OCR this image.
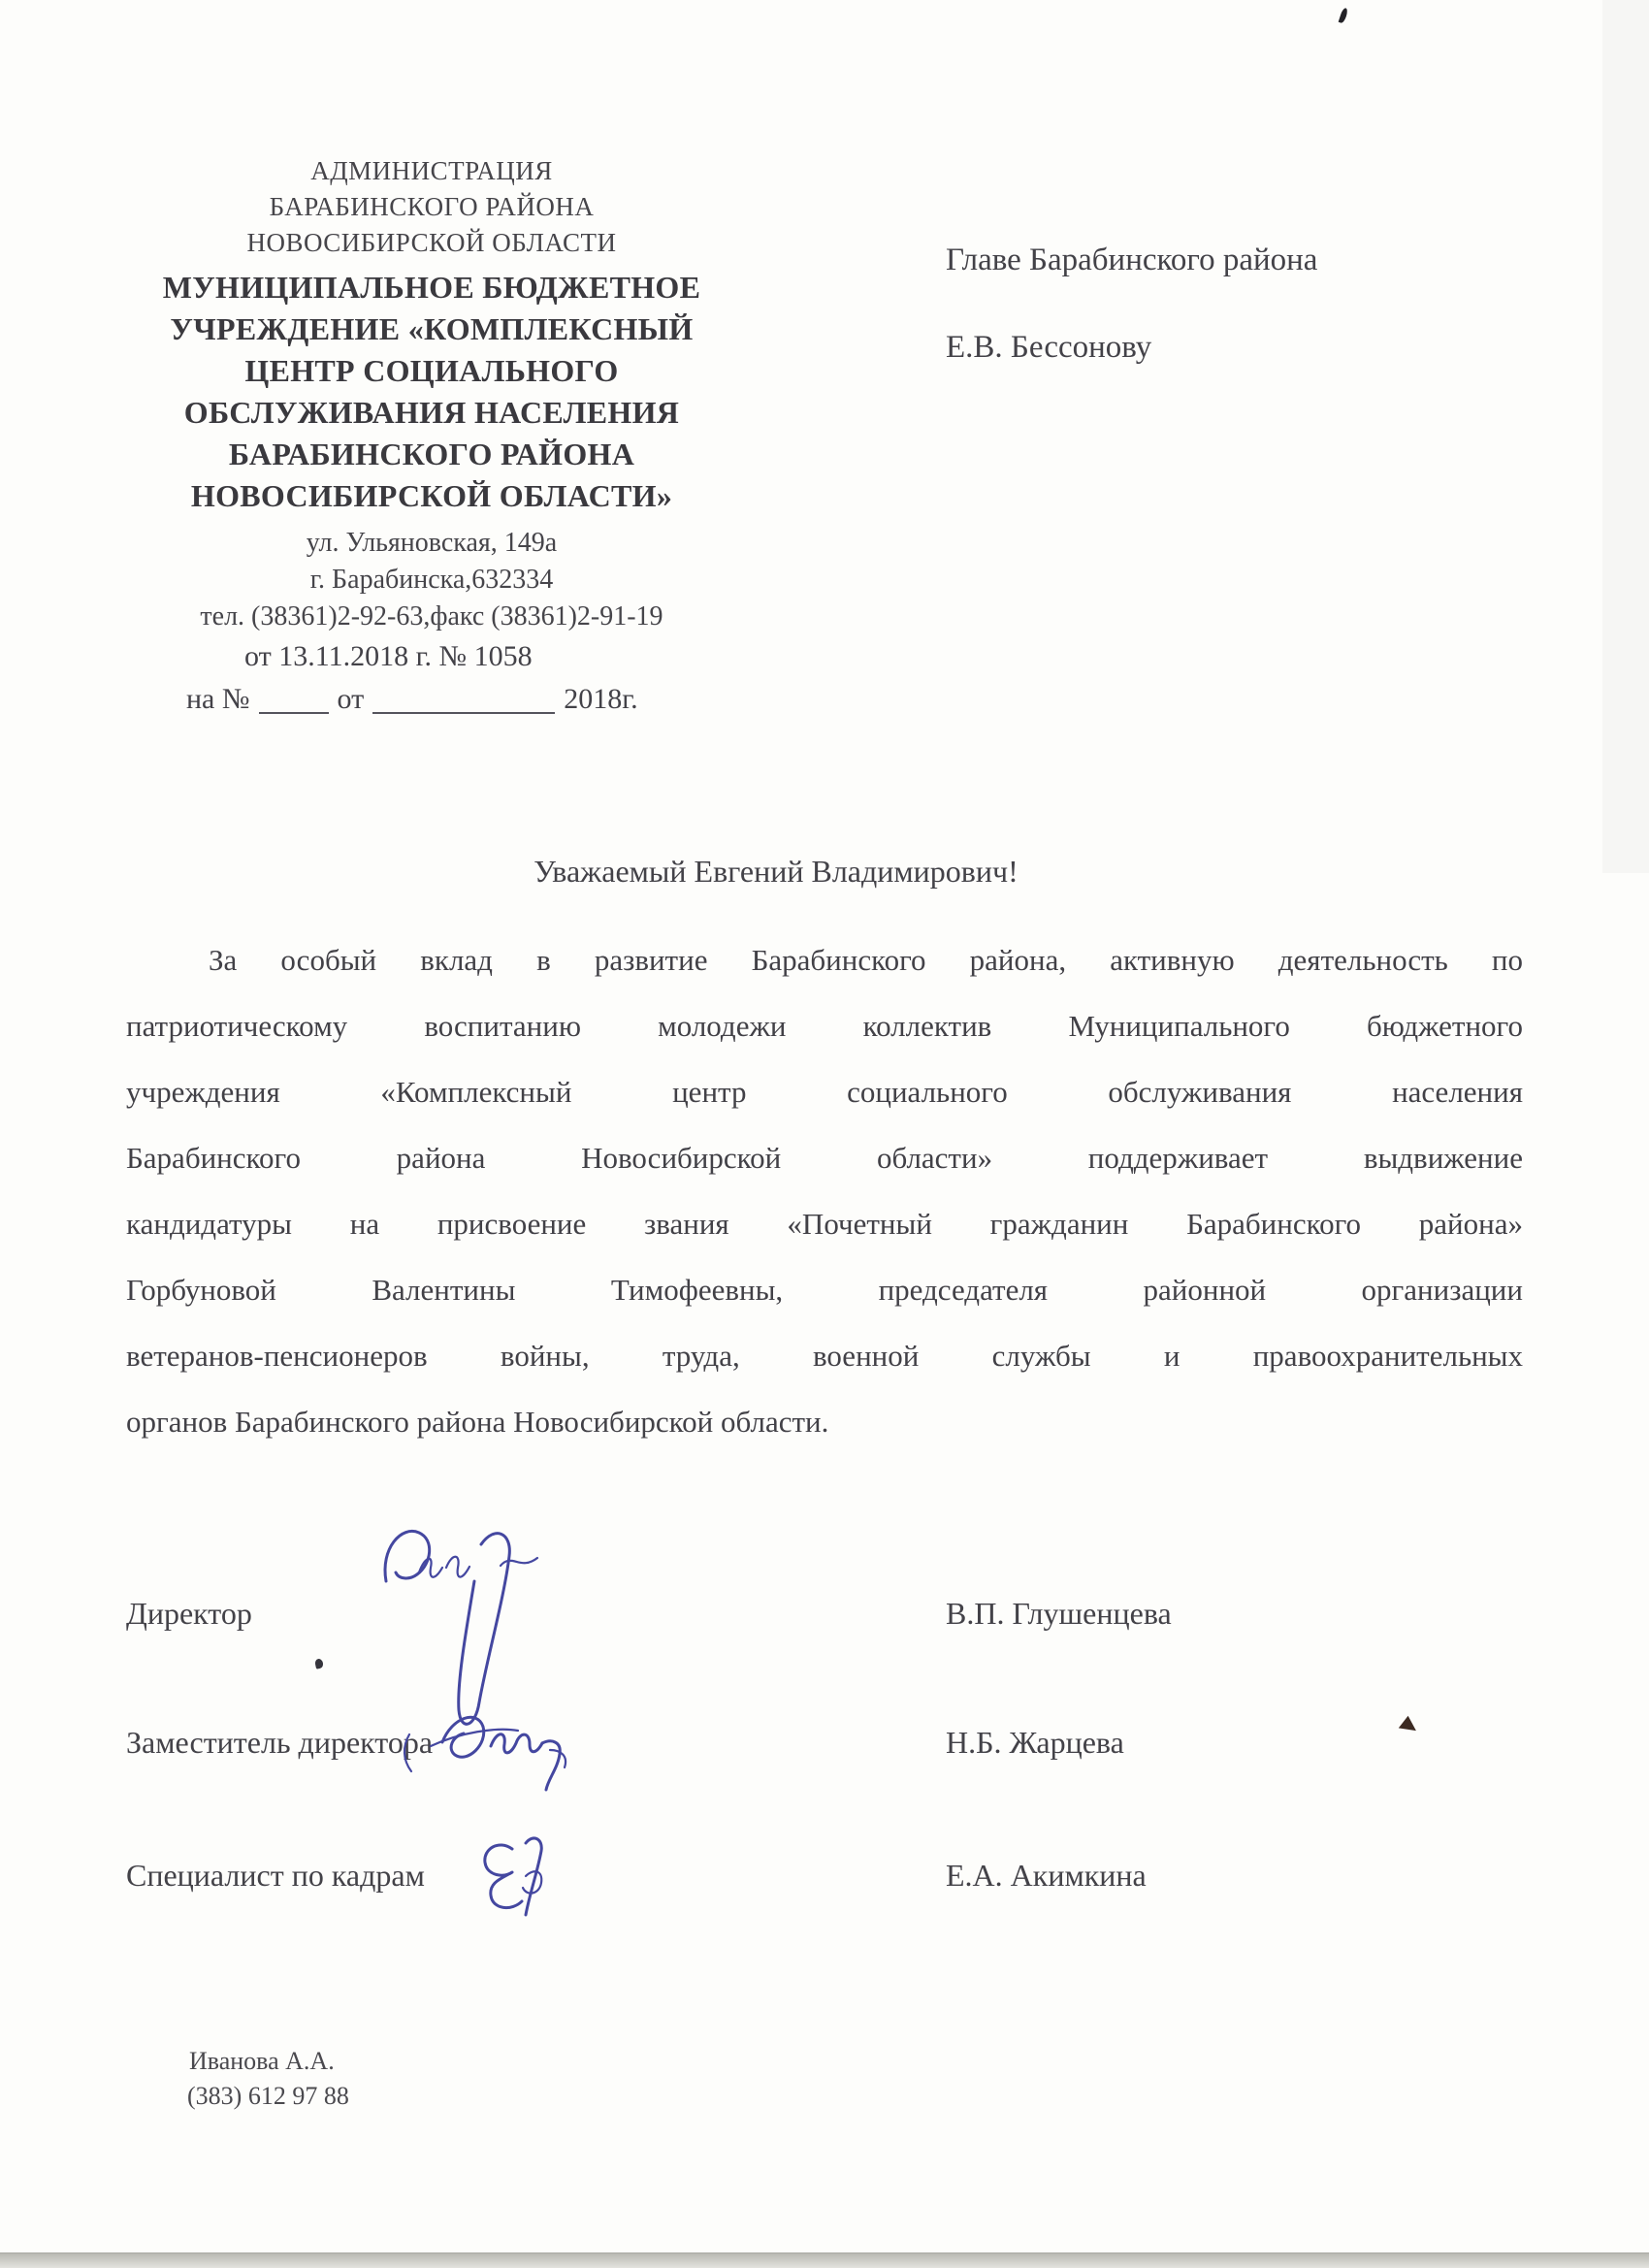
АДМИНИСТРАЦИЯ
БАРАБИНСКОГО РАЙОНА
НОВОСИБИРСКОЙ ОБЛАСТИ
МУНИЦИПАЛЬНОЕ БЮДЖЕТНОЕ
УЧРЕЖДЕНИЕ «КОМПЛЕКСНЫЙ
ЦЕНТР СОЦИАЛЬНОГО
ОБСЛУЖИВАНИЯ НАСЕЛЕНИЯ
БАРАБИНСКОГО РАЙОНА
НОВОСИБИРСКОЙ ОБЛАСТИ»
ул. Ульяновская, 149а
г. Барабинска,632334
тел. (38361)2-92-63,факс (38361)2-91-19
от 13.11.2018 г. № 1058
на №	от	2018г.
Главе Барабинского района
Е.В. Бессонову
Уважаемый Евгений Владимирович!
За особый вклад в развитие Барабинского района, активную деятельность по
патриотическому воспитанию молодежи коллектив Муниципального бюджетного
учреждения «Комплексный центр социального обслуживания населения
Барабинского района Новосибирской области» поддерживает выдвижение
кандидатуры на присвоение звания «Почетный гражданин Барабинского района»
Горбуновой Валентины Тимофеевны, председателя районной организации
ветеранов-пенсионеров войны, труда, военной службы и правоохранительных
органов Барабинского района Новосибирской области.
Директор	В.П. Глушенцева
Заместитель директора	Н.Б. Жарцева
Специалист по кадрам	Е.А. Акимкина
Иванова А.А.
(383) 612 97 88
